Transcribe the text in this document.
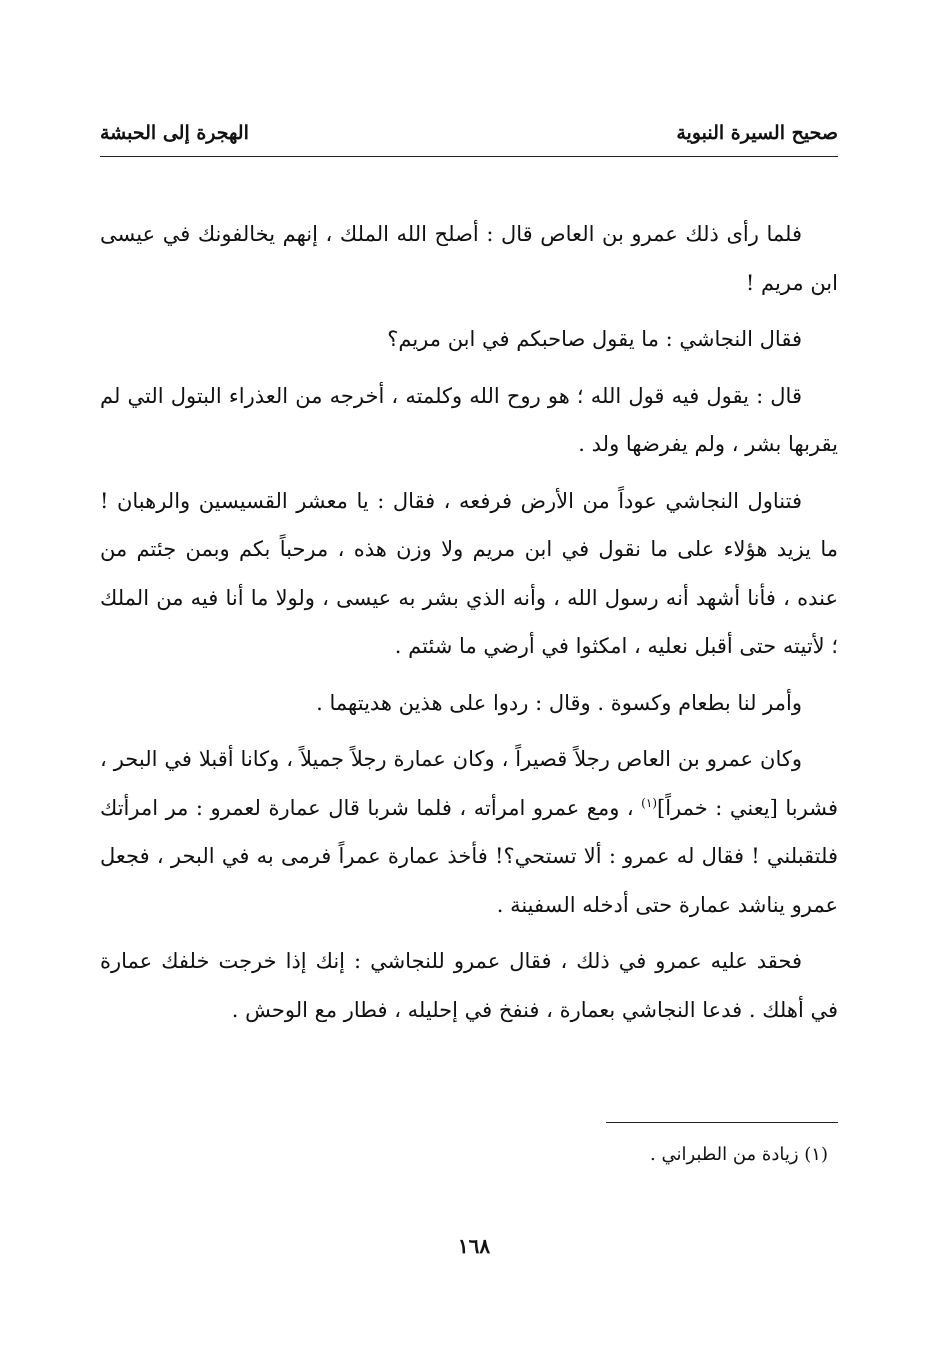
صحيح السيرة النبوية
الهجرة إلى الحبشة

فلما رأى ذلك عمرو بن العاص قال : أصلح الله الملك ، إنهم يخالفونك في عيسى ابن مريم !

فقال النجاشي : ما يقول صاحبكم في ابن مريم؟

قال : يقول فيه قول الله ؛ هو روح الله وكلمته ، أخرجه من العذراء البتول التي لم يقربها بشر ، ولم يفرضها ولد .

فتناول النجاشي عوداً من الأرض فرفعه ، فقال : يا معشر القسيسين والرهبان ! ما يزيد هؤلاء على ما نقول في ابن مريم ولا وزن هذه ، مرحباً بكم وبمن جئتم من عنده ، فأنا أشهد أنه رسول الله ، وأنه الذي بشر به عيسى ، ولولا ما أنا فيه من الملك ؛ لأتيته حتى أقبل نعليه ، امكثوا في أرضي ما شئتم .

وأمر لنا بطعام وكسوة . وقال : ردوا على هذين هديتهما .

وكان عمرو بن العاص رجلاً قصيراً ، وكان عمارة رجلاً جميلاً ، وكانا أقبلا في البحر ، فشربا [يعني : خمراً]$^{(١)}$ ، ومع عمرو امرأته ، فلما شربا قال عمارة لعمرو : مر امرأتك فلتقبلني ! فقال له عمرو : ألا تستحي؟! فأخذ عمارة عمراً فرمى به في البحر ، فجعل عمرو يناشد عمارة حتى أدخله السفينة .

فحقد عليه عمرو في ذلك ، فقال عمرو للنجاشي : إنك إذا خرجت خلفك عمارة في أهلك . فدعا النجاشي بعمارة ، فنفخ في إحليله ، فطار مع الوحش .

(١) زيادة من الطبراني .
١٦٨
